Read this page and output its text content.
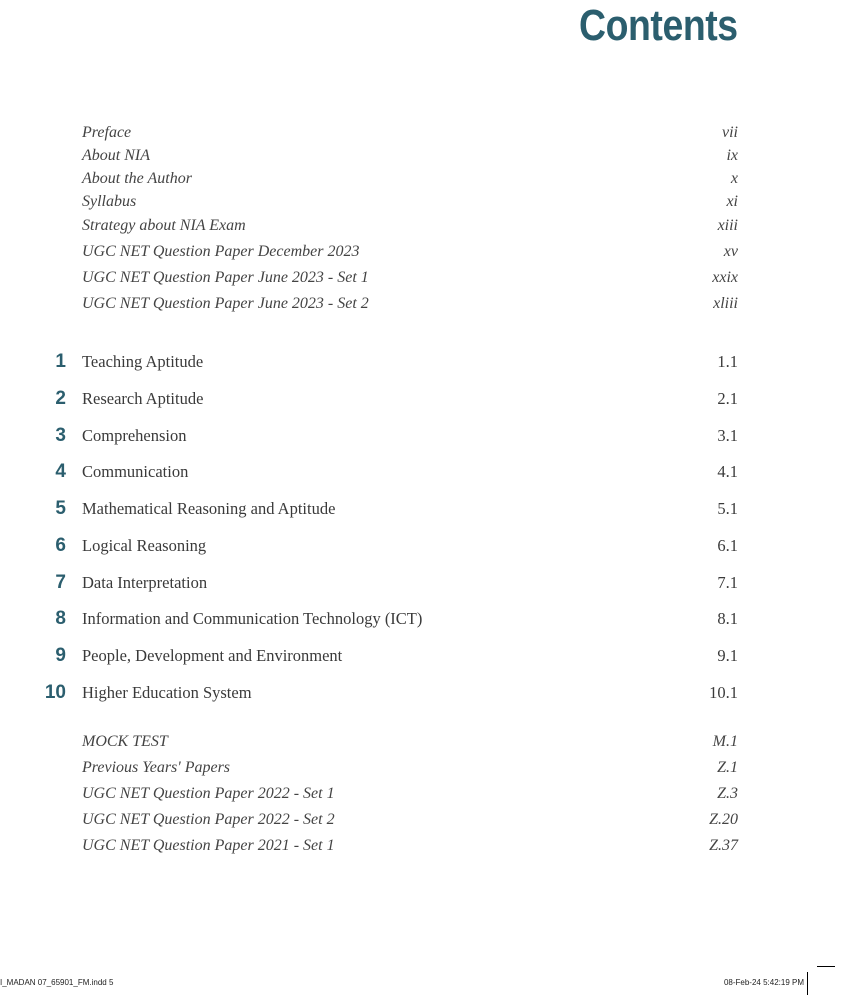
Contents
Preface	vii
About NIA	ix
About the Author	x
Syllabus	xi
Strategy about NIA Exam	xiii
UGC NET Question Paper December 2023	xv
UGC NET Question Paper June 2023 - Set 1	xxix
UGC NET Question Paper June 2023 - Set 2	xliii
1 Teaching Aptitude	1.1
2 Research Aptitude	2.1
3 Comprehension	3.1
4 Communication	4.1
5 Mathematical Reasoning and Aptitude	5.1
6 Logical Reasoning	6.1
7 Data Interpretation	7.1
8 Information and Communication Technology (ICT)	8.1
9 People, Development and Environment	9.1
10 Higher Education System	10.1
MOCK TEST	M.1
Previous Years' Papers	Z.1
UGC NET Question Paper 2022 - Set 1	Z.3
UGC NET Question Paper 2022 - Set 2	Z.20
UGC NET Question Paper 2021 - Set 1	Z.37
I_MADAN 07_65901_FM.indd 5	08-Feb-24 5:42:19 PM
